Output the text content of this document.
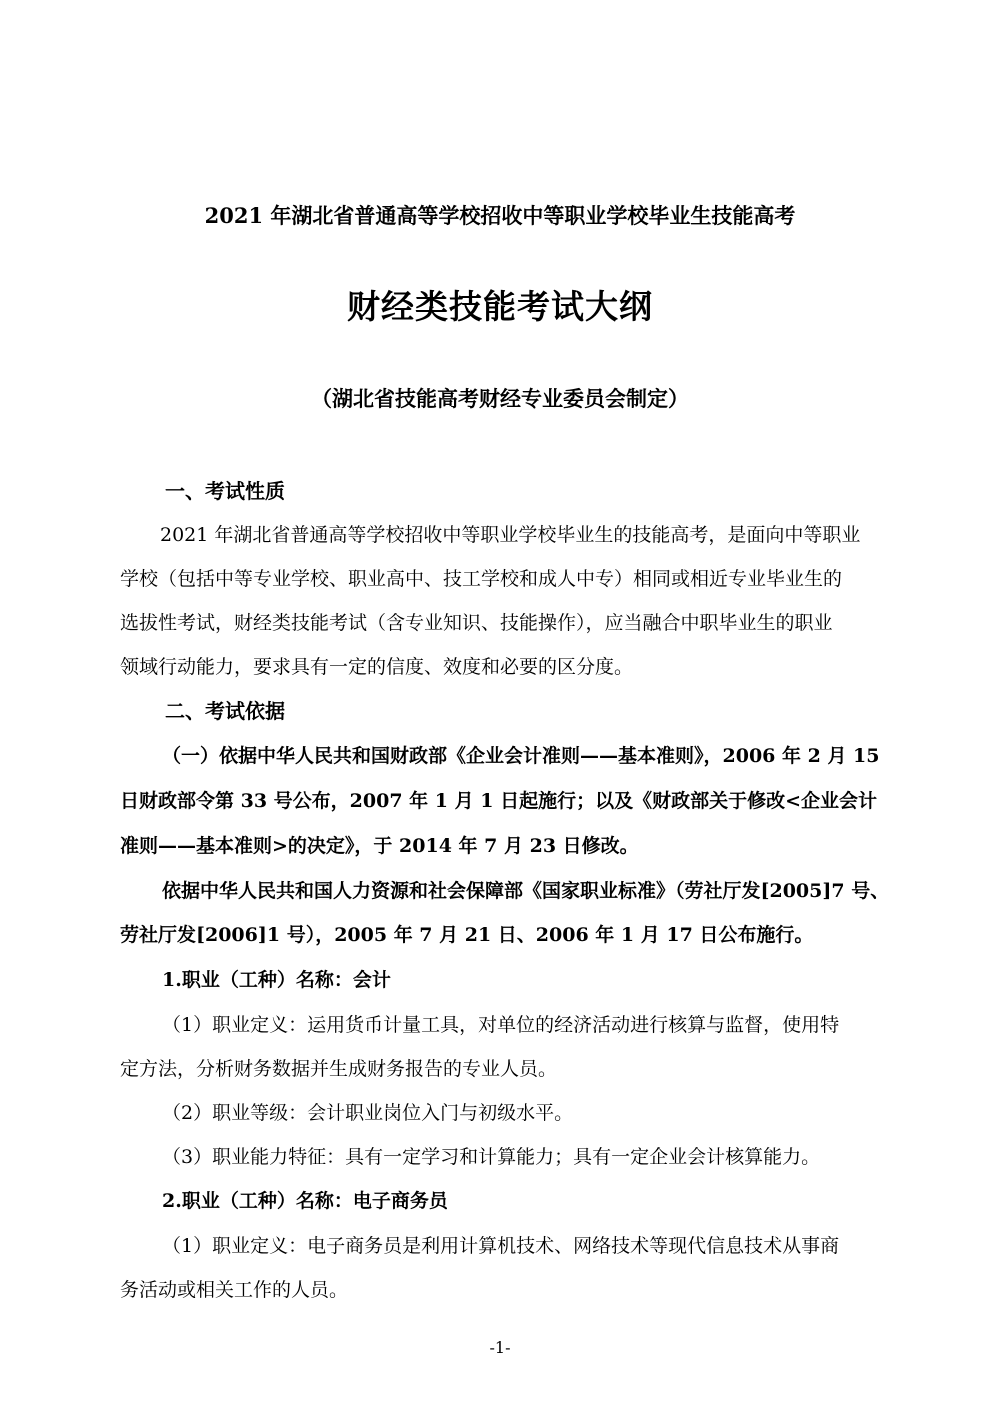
2021 年湖北省普通高等学校招收中等职业学校毕业生技能高考
财经类技能考试大纲
（湖北省技能高考财经专业委员会制定）
一、考试性质
2021 年湖北省普通高等学校招收中等职业学校毕业生的技能高考，是面向中等职业
学校（包括中等专业学校、职业高中、技工学校和成人中专）相同或相近专业毕业生的
选拔性考试，财经类技能考试（含专业知识、技能操作），应当融合中职毕业生的职业
领域行动能力，要求具有一定的信度、效度和必要的区分度。
二、考试依据
（一）依据中华人民共和国财政部《企业会计准则——基本准则》，2006 年 2 月 15
日财政部令第 33 号公布，2007 年 1 月 1 日起施行；以及《财政部关于修改<企业会计
准则——基本准则>的决定》，于 2014 年 7 月 23 日修改。
依据中华人民共和国人力资源和社会保障部《国家职业标准》（劳社厅发[2005]7 号、
劳社厅发[2006]1 号），2005 年 7 月 21 日、2006 年 1 月 17 日公布施行。
1.职业（工种）名称：会计
（1）职业定义：运用货币计量工具，对单位的经济活动进行核算与监督，使用特
定方法，分析财务数据并生成财务报告的专业人员。
（2）职业等级：会计职业岗位入门与初级水平。
（3）职业能力特征：具有一定学习和计算能力；具有一定企业会计核算能力。
2.职业（工种）名称：电子商务员
（1）职业定义：电子商务员是利用计算机技术、网络技术等现代信息技术从事商
务活动或相关工作的人员。
-1-
